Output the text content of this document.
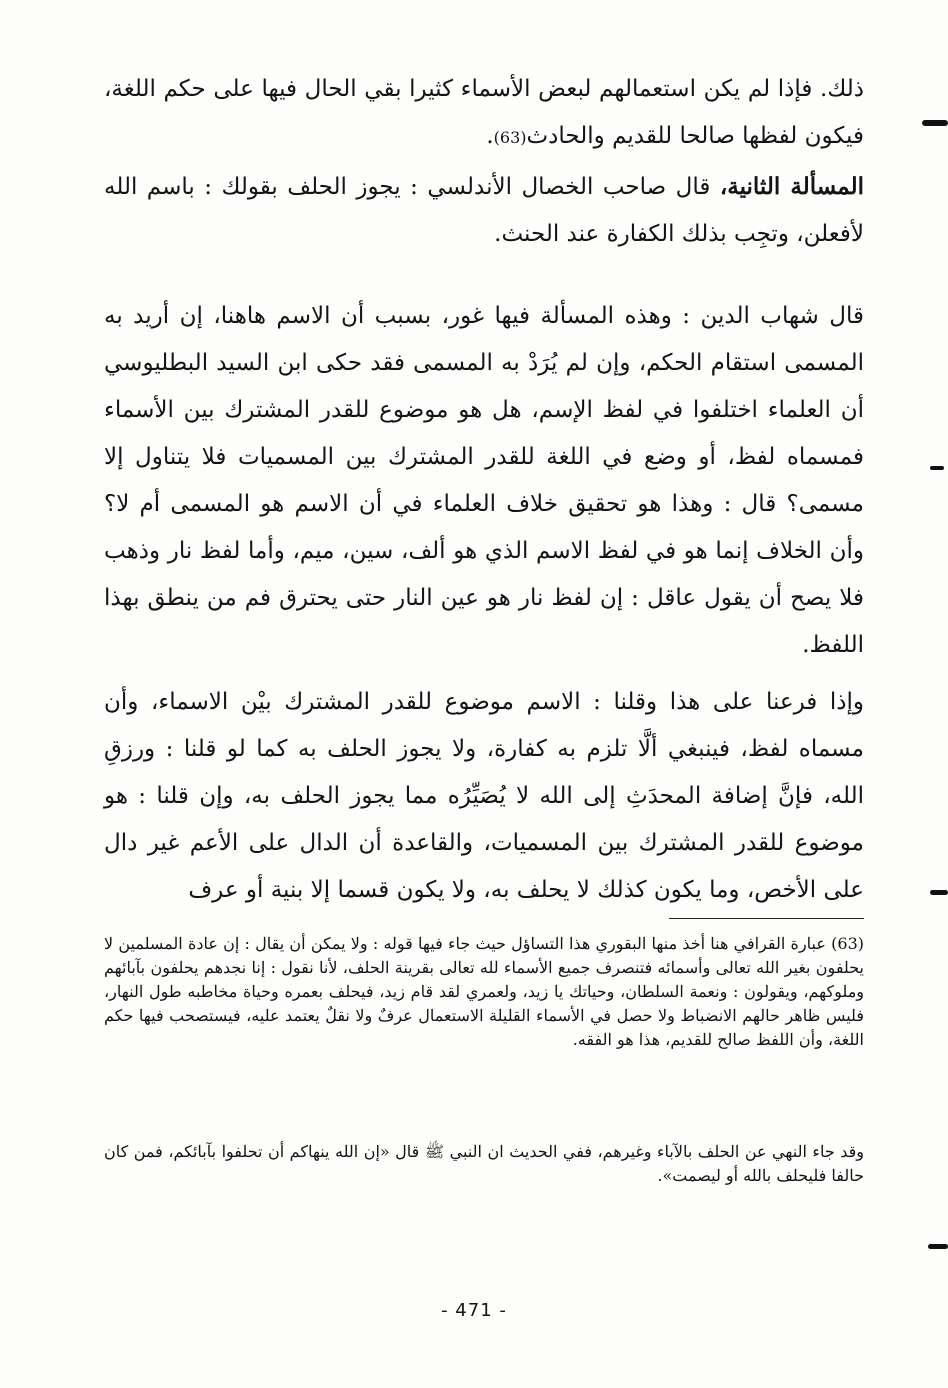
ذلك. فإذا لم يكن استعمالهم لبعض الأسماء كثيرا بقي الحال فيها على حكم اللغة، فيكون لفظها صالحا للقديم والحادث(63).

المسألة الثانية، قال صاحب الخصال الأندلسي : يجوز الحلف بقولك : باسم الله لأفعلن، وتجِب بذلك الكفارة عند الحنث.

قال شهاب الدين : وهذه المسألة فيها غور، بسبب أن الاسم هاهنا، إن أريد به المسمى استقام الحكم، وإن لم يُرَدْ به المسمى فقد حكى ابن السيد البطليوسي أن العلماء اختلفوا في لفظ الإسم، هل هو موضوع للقدر المشترك بين الأسماء فمسماه لفظ، أو وضع في اللغة للقدر المشترك بين المسميات فلا يتناول إلا مسمى؟ قال : وهذا هو تحقيق خلاف العلماء في أن الاسم هو المسمى أم لا؟ وأن الخلاف إنما هو في لفظ الاسم الذي هو ألف، سين، ميم، وأما لفظ نار وذهب فلا يصح أن يقول عاقل : إن لفظ نار هو عين النار حتى يحترق فم من ينطق بهذا اللفظ.

وإذا فرعنا على هذا وقلنا : الاسم موضوع للقدر المشترك بيْن الاسماء، وأن مسماه لفظ، فينبغي ألَّا تلزم به كفارة، ولا يجوز الحلف به كما لو قلنا : ورزقِ الله، فإنَّ إضافة المحدَثِ إلى الله لا يُصَيِّرُه مما يجوز الحلف به، وإن قلنا : هو موضوع للقدر المشترك بين المسميات، والقاعدة أن الدال على الأعم غير دال على الأخص، وما يكون كذلك لا يحلف به، ولا يكون قسما إلا بنية أو عرف

(63) عبارة القرافي هنا أخذ منها البقوري هذا التساؤل حيث جاء فيها قوله : ولا يمكن أن يقال : إن عادة المسلمين لا يحلفون بغير الله تعالى وأسمائه فتنصرف جميع الأسماء لله تعالى بقرينة الحلف، لأنا نقول : إنا نجدهم يحلفون بآبائهم وملوكهم، ويقولون : ونعمة السلطان، وحياتك يا زيد، ولعمري لقد قام زيد، فيحلف بعمره وحياة مخاطبه طول النهار، فليس ظاهر حالهم الانضباط ولا حصل في الأسماء القليلة الاستعمال عرفٌ ولا نقلٌ يعتمد عليه، فيستصحب فيها حكم اللغة، وأن اللفظ صالح للقديم، هذا هو الفقه.

وقد جاء النهي عن الحلف بالآباء وغيرهم، ففي الحديث ان النبي ﷺ قال «إن الله ينهاكم أن تحلفوا بآبائكم، فمن كان حالفا فليحلف بالله أو ليصمت».

- 471 -
